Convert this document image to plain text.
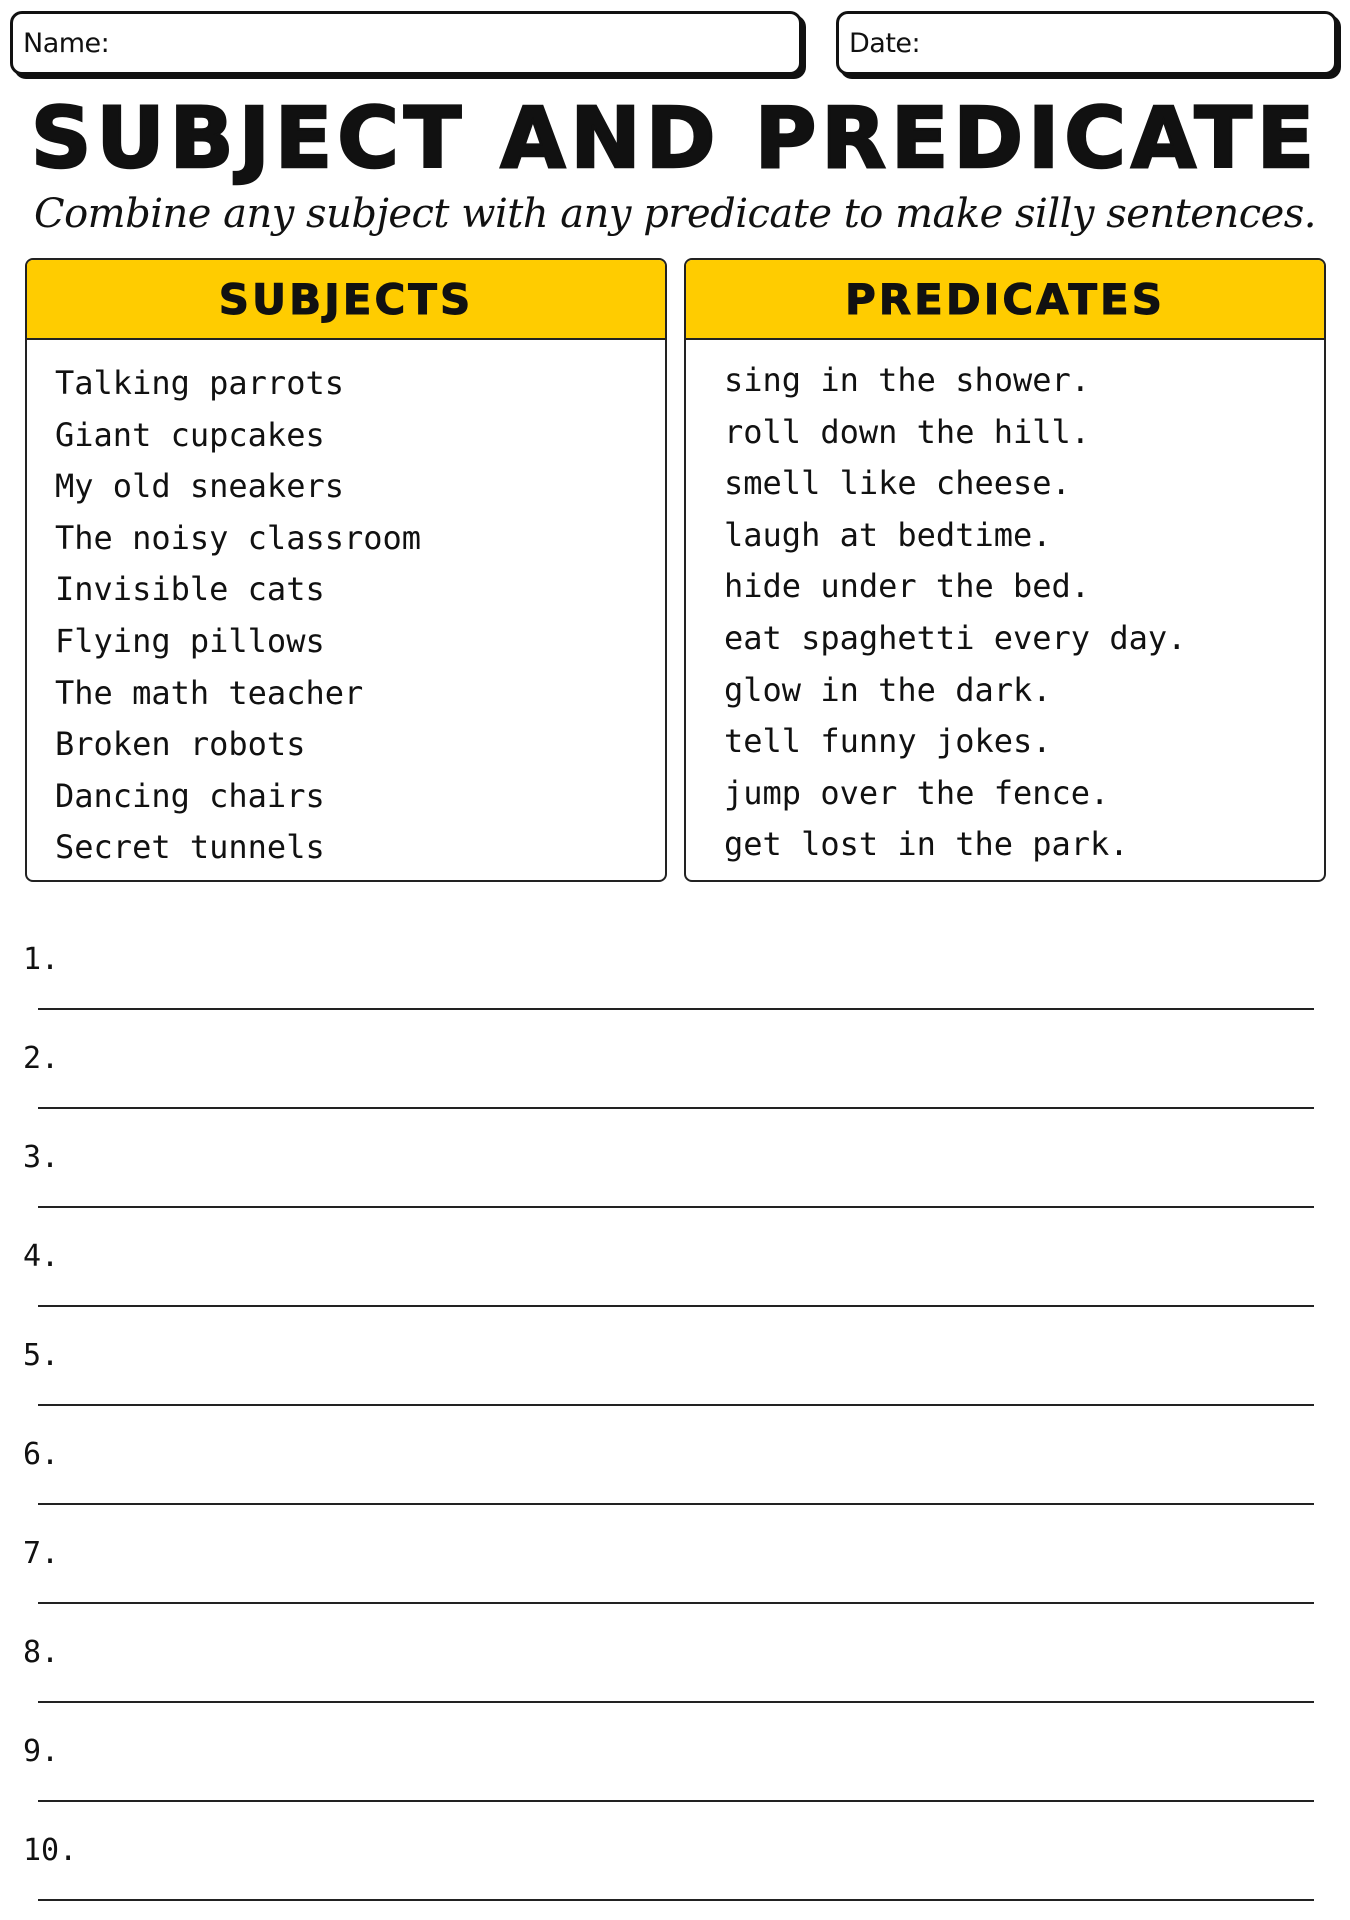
Name:	Date:
SUBJECT AND PREDICATE
Combine any subject with any predicate to make silly sentences.
SUBJECTS
Talking parrots
Giant cupcakes
My old sneakers
The noisy classroom
Invisible cats
Flying pillows
The math teacher
Broken robots
Dancing chairs
Secret tunnels
PREDICATES
sing in the shower.
roll down the hill.
smell like cheese.
laugh at bedtime.
hide under the bed.
eat spaghetti every day.
glow in the dark.
tell funny jokes.
jump over the fence.
get lost in the park.
1.
2.
3.
4.
5.
6.
7.
8.
9.
10.
